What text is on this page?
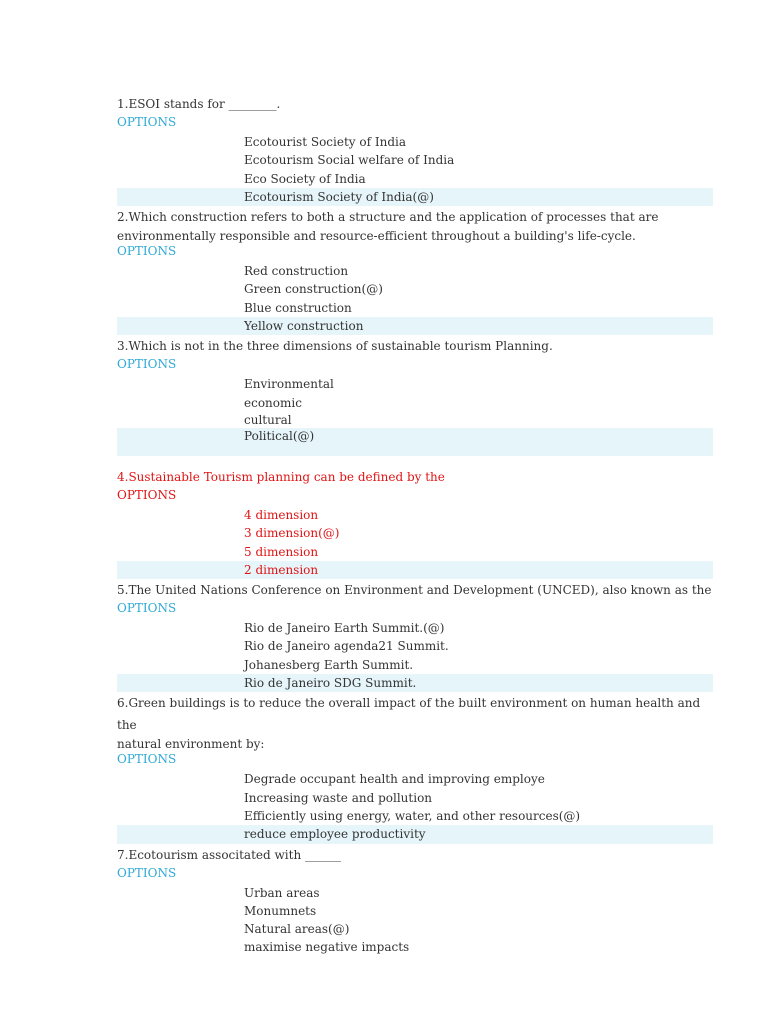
1.ESOI stands for ________.

OPTIONS
Ecotourist Society of India
Ecotourism Social welfare of India
Eco Society of India
Ecotourism Society of India(@)

2.Which construction refers to both a structure and the application of processes that are

environmentally responsible and resource-efficient throughout a building's life-cycle.

OPTIONS
Red construction
Green construction(@)
Blue construction
Yellow construction

3.Which is not in the three dimensions of sustainable tourism Planning.

OPTIONS
Environmental
economic
cultural
Political(@)

4.Sustainable Tourism planning can be defined by the

OPTIONS
4 dimension
3 dimension(@)
5 dimension
2 dimension

5.The United Nations Conference on Environment and Development (UNCED), also known as the

OPTIONS
Rio de Janeiro Earth Summit.(@)
Rio de Janeiro agenda21 Summit.
Johanesberg Earth Summit.
Rio de Janeiro SDG Summit.

6.Green buildings is to reduce the overall impact of the built environment on human health and the

natural environment by:

OPTIONS
Degrade occupant health and improving employe
Increasing waste and pollution
Efficiently using energy, water, and other resources(@)
reduce employee productivity

7.Ecotourism associtated with ______

OPTIONS
Urban areas
Monumnets
Natural areas(@)
maximise negative impacts
